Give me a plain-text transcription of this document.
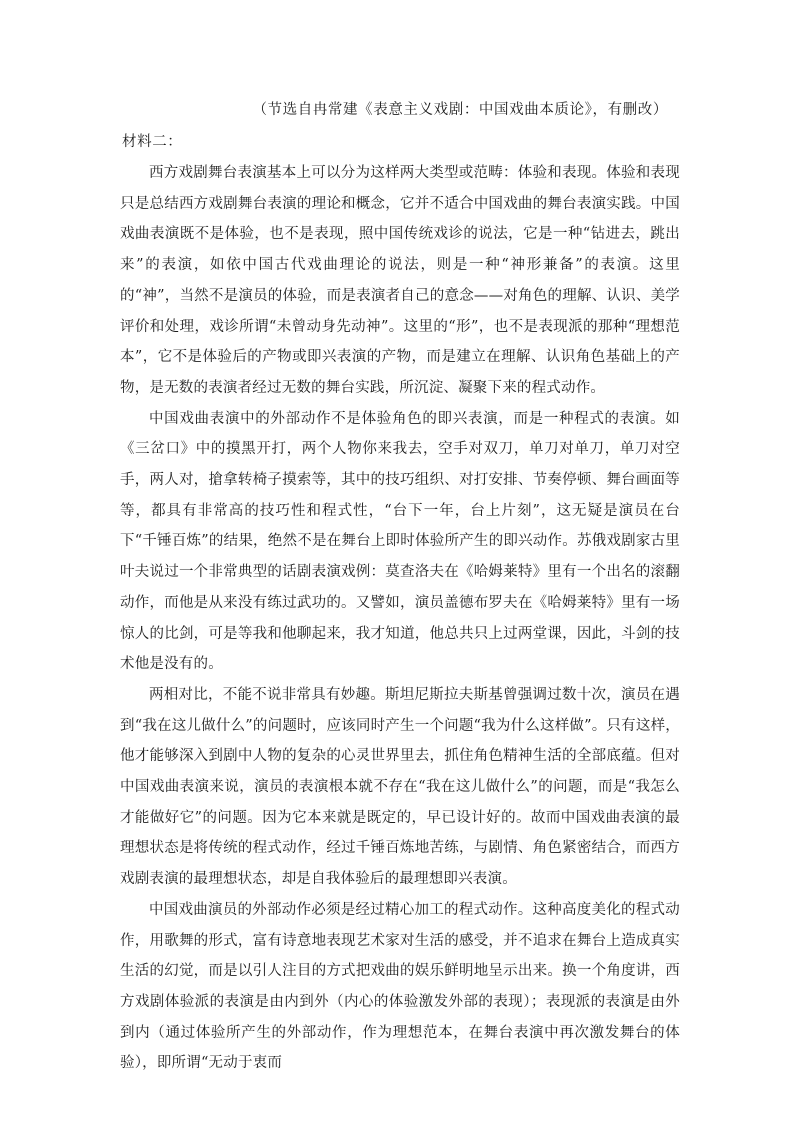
（节选自冉常建《表意主义戏剧：中国戏曲本质论》，有删改）
材料二：

西方戏剧舞台表演基本上可以分为这样两大类型或范畴：体验和表现。体验和表现只是总结西方戏剧舞台表演的理论和概念，它并不适合中国戏曲的舞台表演实践。中国戏曲表演既不是体验，也不是表现，照中国传统戏诊的说法，它是一种“钻进去，跳出来”的表演，如依中国古代戏曲理论的说法，则是一种“神形兼备”的表演。这里的“神”，当然不是演员的体验，而是表演者自己的意念——对角色的理解、认识、美学评价和处理，戏诊所谓“未曾动身先动神”。这里的“形”，也不是表现派的那种“理想范本”，它不是体验后的产物或即兴表演的产物，而是建立在理解、认识角色基础上的产物，是无数的表演者经过无数的舞台实践，所沉淀、凝聚下来的程式动作。

中国戏曲表演中的外部动作不是体验角色的即兴表演，而是一种程式的表演。如《三岔口》中的摸黑开打，两个人物你来我去，空手对双刀，单刀对单刀，单刀对空手，两人对，搶拿转椅子摸索等，其中的技巧组织、对打安排、节奏停顿、舞台画面等等，都具有非常高的技巧性和程式性，“台下一年，台上片刻”，这无疑是演员在台下“千锤百炼”的结果，绝然不是在舞台上即时体验所产生的即兴动作。苏俄戏剧家古里叶夫说过一个非常典型的话剧表演戏例：莫查洛夫在《哈姆莱特》里有一个出名的滚翻动作，而他是从来没有练过武功的。又譬如，演员盖德布罗夫在《哈姆莱特》里有一场惊人的比剑，可是等我和他聊起来，我才知道，他总共只上过两堂课，因此，斗剑的技术他是没有的。

两相对比，不能不说非常具有妙趣。斯坦尼斯拉夫斯基曾强调过数十次，演员在遇到“我在这儿做什么”的问题时，应该同时产生一个问题“我为什么这样做”。只有这样，他才能够深入到剧中人物的复杂的心灵世界里去，抓住角色精神生活的全部底蕴。但对中国戏曲表演来说，演员的表演根本就不存在“我在这儿做什么”的问题，而是“我怎么才能做好它”的问题。因为它本来就是既定的，早已设计好的。故而中国戏曲表演的最理想状态是将传统的程式动作，经过千锤百炼地苦练，与剧情、角色紧密结合，而西方戏剧表演的最理想状态，却是自我体验后的最理想即兴表演。

中国戏曲演员的外部动作必须是经过精心加工的程式动作。这种高度美化的程式动作，用歌舞的形式，富有诗意地表现艺术家对生活的感受，并不追求在舞台上造成真实生活的幻觉，而是以引人注目的方式把戏曲的娱乐鲜明地呈示出来。换一个角度讲，西方戏剧体验派的表演是由内到外（内心的体验激发外部的表现）；表现派的表演是由外到内（通过体验所产生的外部动作，作为理想范本，在舞台表演中再次激发舞台的体验），即所谓“无动于衷而
